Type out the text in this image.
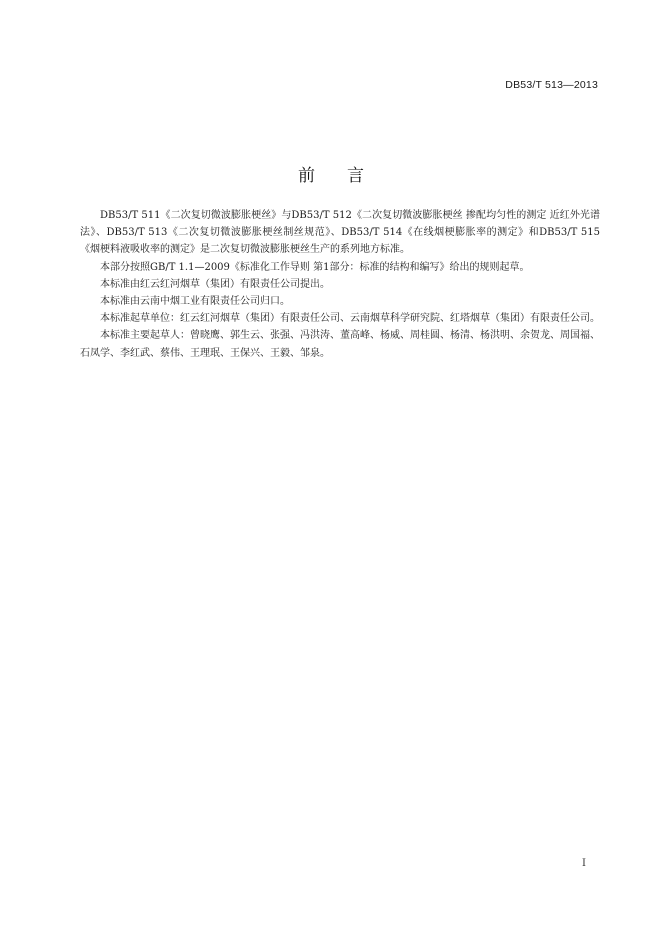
DB53/T 513—2013
前言

DB53/T 511《二次复切微波膨胀梗丝》与DB53/T 512《二次复切微波膨胀梗丝 掺配均匀性的测定 近红外光谱法》、DB53/T 513《二次复切微波膨胀梗丝制丝规范》、DB53/T 514《在线烟梗膨胀率的测定》和DB53/T 515《烟梗料液吸收率的测定》是二次复切微波膨胀梗丝生产的系列地方标准。

本部分按照GB/T 1.1—2009《标准化工作导则 第1部分：标准的结构和编写》给出的规则起草。

本标准由红云红河烟草（集团）有限责任公司提出。

本标准由云南中烟工业有限责任公司归口。

本标准起草单位：红云红河烟草（集团）有限责任公司、云南烟草科学研究院、红塔烟草（集团）有限责任公司。

本标准主要起草人：曾晓鹰、郭生云、张强、冯洪涛、董高峰、杨威、周桂圆、杨清、杨洪明、余贺龙、周国福、石凤学、李红武、蔡伟、王理珉、王保兴、王毅、邹泉。

I
